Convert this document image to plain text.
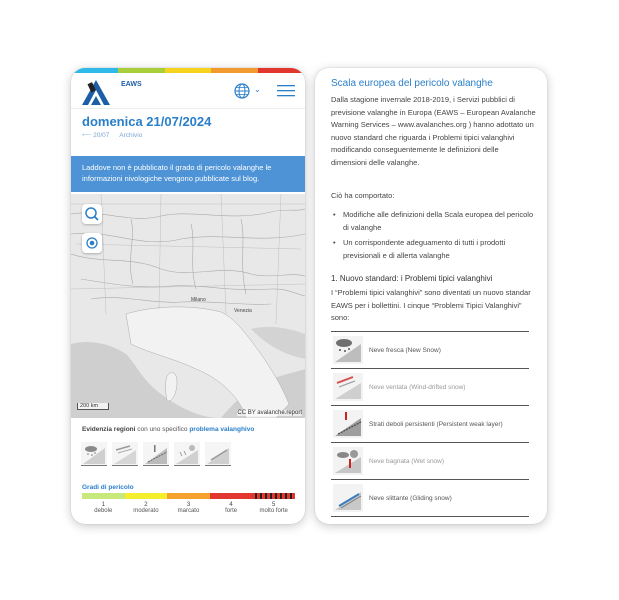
EAWS
⌄
domenica 21/07/2024
⟵ 20/07 Archivio
Laddove non è pubblicato il grado di pericolo valanghe le informazioni nivologiche vengono pubblicate sul blog.
Venezia
Milano
200 km
CC BY avalanche.report
Evidenzia regioni con uno specifico problema valanghivo
Gradi di pericolo
1
debole
2
moderato
3
marcato
4
forte
5
molto forte
Scala europea del pericolo valanghe

Dalla stagione invernale 2018-2019, i Servizi pubblici di previsione valanghe in Europa (EAWS – European Avalanche Warning Services – www.avalanches.org ) hanno adottato un nuovo standard che riguarda i Problemi tipici valanghivi modificando conseguentemente le definizioni delle dimensioni delle valanghe.

Ciò ha comportato:

• Modifiche alle definizioni della Scala europea del pericolo di valanghe
• Un corrispondente adeguamento di tutti i prodotti previsionali e di allerta valanghe
1. Nuovo standard: i Problemi tipici valanghivi

I “Problemi tipici valanghivi” sono diventati un nuovo standar EAWS per i bollettini. I cinque “Problemi Tipici Valanghivi” sono:

Neve fresca (New Snow)
Neve ventata (Wind-drifted snow)
Strati deboli persistenti (Persistent weak layer)
Neve bagnata (Wet snow)
Neve slittante (Gliding snow)
